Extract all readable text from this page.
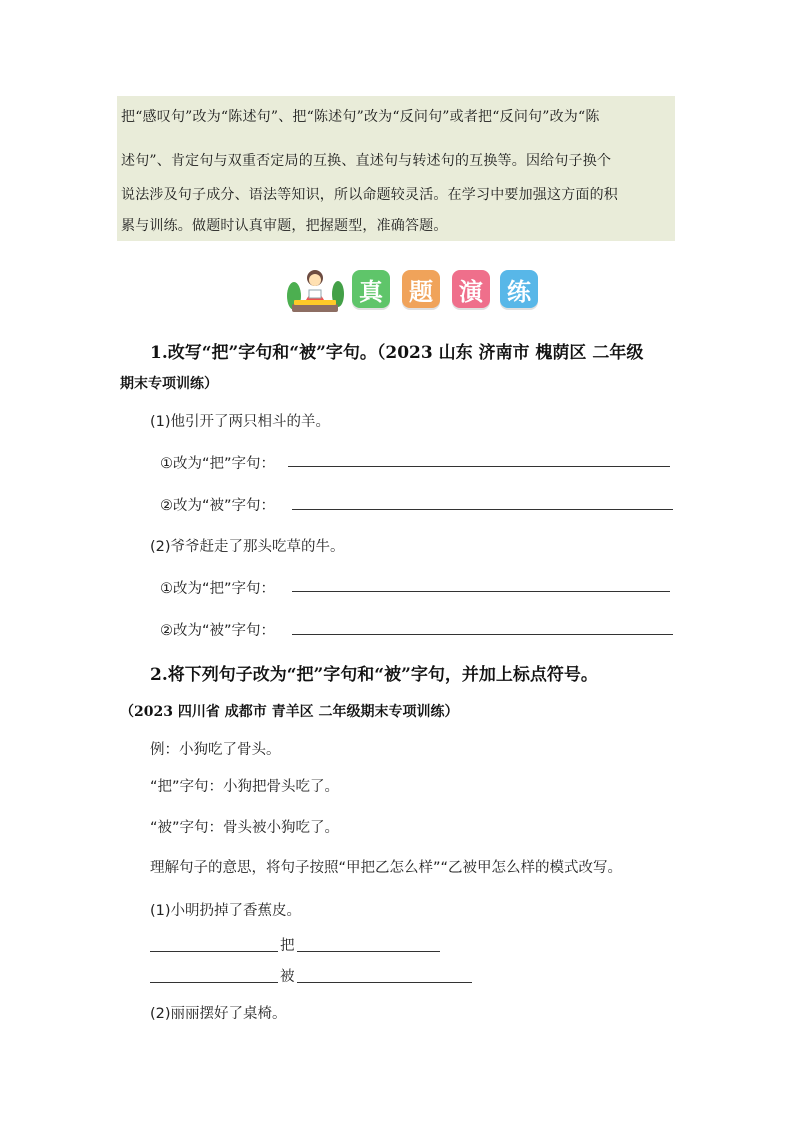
把“感叹句”改为“陈述句”、把“陈述句”改为“反问句”或者把“反问句”改为“陈
述句”、肯定句与双重否定局的互换、直述句与转述句的互换等。因给句子换个
说法涉及句子成分、语法等知识，所以命题较灵活。在学习中要加强这方面的积
累与训练。做题时认真审题，把握题型，准确答题。
真 题 演 练
1.改写“把”字句和“被”字句。（2023 山东 济南市 槐荫区 二年级
期末专项训练）
(1)他引开了两只相斗的羊。
①改为“把”字句：
②改为“被”字句：
(2)爷爷赶走了那头吃草的牛。
①改为“把”字句：
②改为“被”字句：
2.将下列句子改为“把”字句和“被”字句，并加上标点符号。
（2023 四川省 成都市 青羊区 二年级期末专项训练）
例：小狗吃了骨头。
“把”字句：小狗把骨头吃了。
“被”字句：骨头被小狗吃了。
理解句子的意思，将句子按照“甲把乙怎么样”“乙被甲怎么样的模式改写。
(1)小明扔掉了香蕉皮。
把
被
(2)丽丽摆好了桌椅。
